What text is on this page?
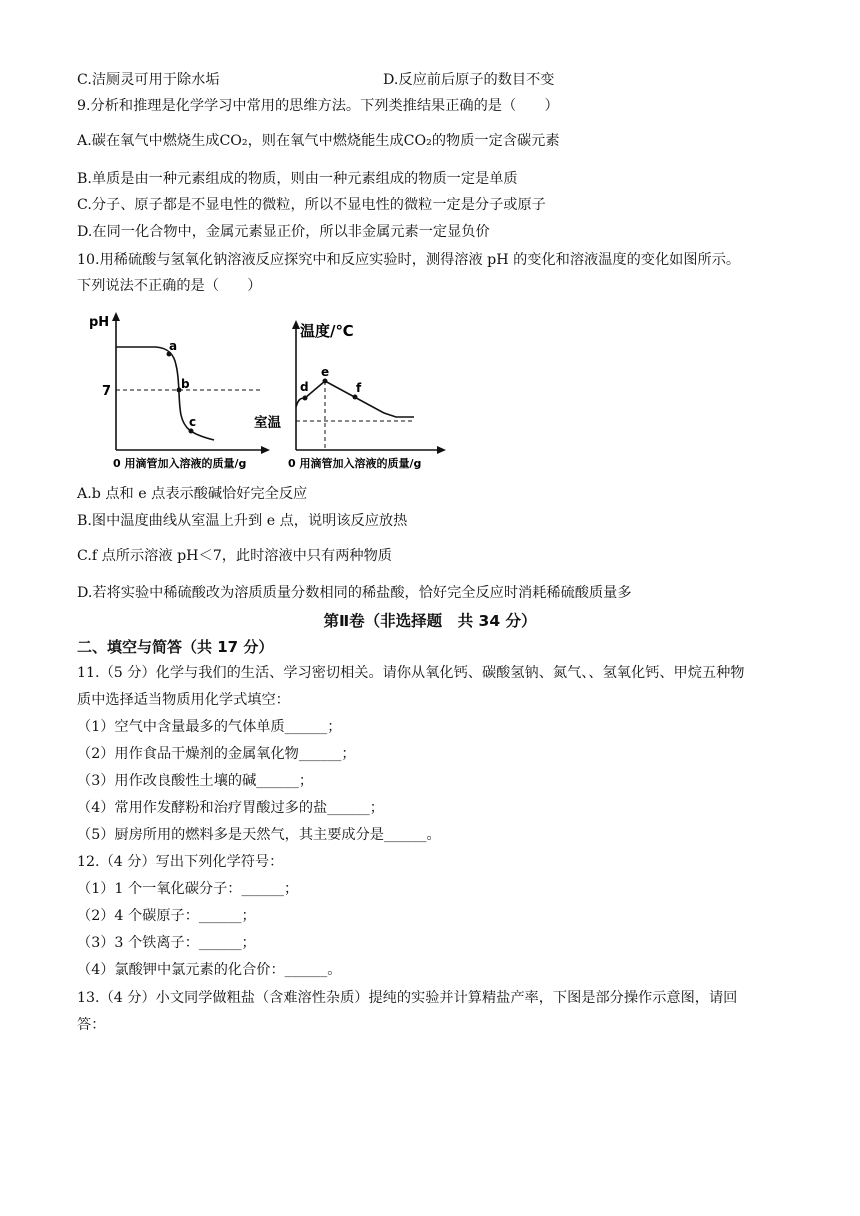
C.洁厕灵可用于除水垢	D.反应前后原子的数目不变
9.分析和推理是化学学习中常用的思维方法。下列类推结果正确的是（　　）
A.碳在氧气中燃烧生成CO₂，则在氧气中燃烧能生成CO₂的物质一定含碳元素
B.单质是由一种元素组成的物质，则由一种元素组成的物质一定是单质
C.分子、原子都是不显电性的微粒，所以不显电性的微粒一定是分子或原子
D.在同一化合物中，金属元素显正价，所以非金属元素一定显负价
10.用稀硫酸与氢氧化钠溶液反应探究中和反应实验时，测得溶液 pH 的变化和溶液温度的变化如图所示。
下列说法不正确的是（　　）
pH
7
a
b
c
0 用滴管加入溶液的质量/g
温度/℃
室温
d
e
f
0 用滴管加入溶液的质量/g
A.b 点和 e 点表示酸碱恰好完全反应
B.图中温度曲线从室温上升到 e 点，说明该反应放热
C.f 点所示溶液 pH＜7，此时溶液中只有两种物质
D.若将实验中稀硫酸改为溶质质量分数相同的稀盐酸，恰好完全反应时消耗稀硫酸质量多
第Ⅱ卷（非选择题　共 34 分）
二、填空与简答（共 17 分）
11.（5 分）化学与我们的生活、学习密切相关。请你从氧化钙、碳酸氢钠、氮气、、氢氧化钙、甲烷五种物
质中选择适当物质用化学式填空：
（1）空气中含量最多的气体单质______；
（2）用作食品干燥剂的金属氧化物______；
（3）用作改良酸性土壤的碱______；
（4）常用作发酵粉和治疗胃酸过多的盐______；
（5）厨房所用的燃料多是天然气，其主要成分是______。
12.（4 分）写出下列化学符号：
（1）1 个一氧化碳分子：______；
（2）4 个碳原子：______；
（3）3 个铁离子：______；
（4）氯酸钾中氯元素的化合价：______。
13.（4 分）小文同学做粗盐（含难溶性杂质）提纯的实验并计算精盐产率，下图是部分操作示意图，请回
答：
